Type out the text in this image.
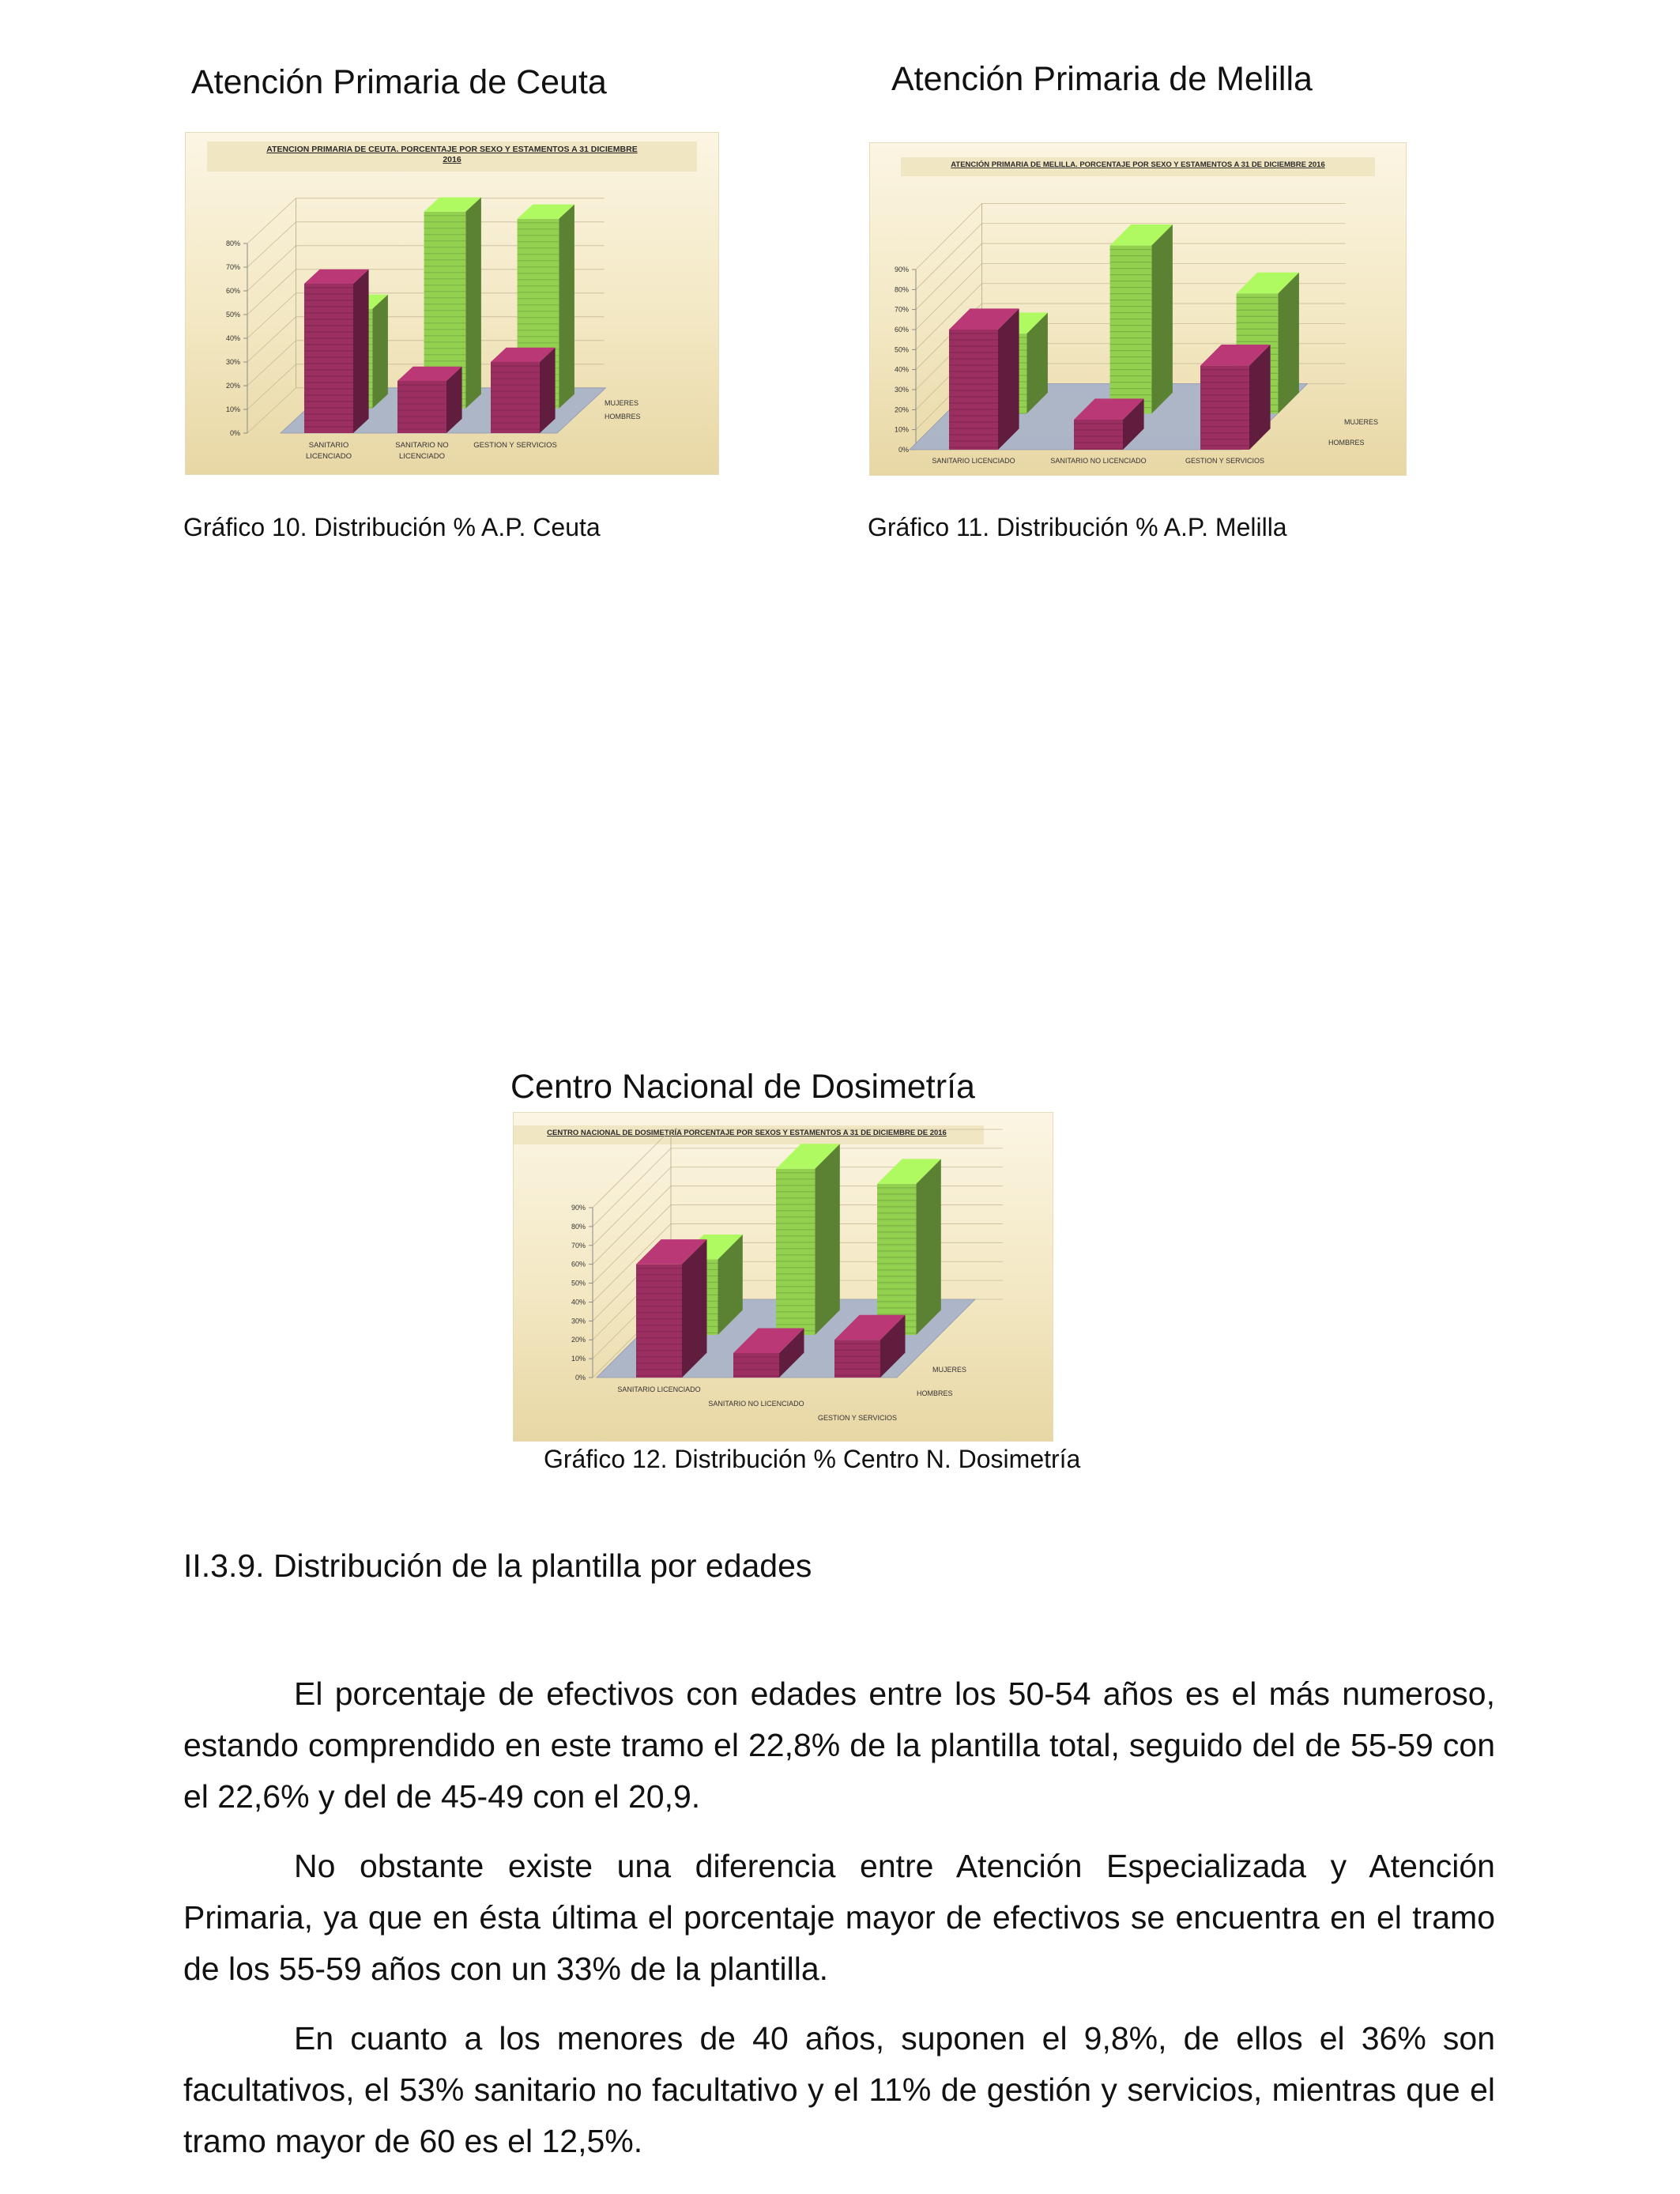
Atención Primaria de Ceuta	Atención Primaria de Melilla
ATENCION PRIMARIA DE CEUTA. PORCENTAJE POR SEXO Y ESTAMENTOS A 31 DICIEMBRE
2016
0%
10%
20%
30%
40%
50%
60%
70%
80%
MUJERES
HOMBRES
SANITARIO
LICENCIADO
SANITARIO NO
LICENCIADO
GESTION Y SERVICIOS
ATENCIÓN PRIMARIA DE MELILLA. PORCENTAJE POR SEXO Y ESTAMENTOS A 31 DE DICIEMBRE 2016
0%
10%
20%
30%
40%
50%
60%
70%
80%
90%
MUJERES
HOMBRES
SANITARIO LICENCIADO	SANITARIO NO LICENCIADO	GESTION Y SERVICIOS
Gráfico 10. Distribución % A.P. Ceuta	Gráfico 11. Distribución % A.P. Melilla
Centro Nacional de Dosimetría
CENTRO NACIONAL DE DOSIMETRÍA PORCENTAJE POR SEXOS Y ESTAMENTOS A 31 DE DICIEMBRE DE 2016
0%
10%
20%
30%
40%
50%
60%
70%
80%
90%
MUJERES
HOMBRES
SANITARIO LICENCIADO
SANITARIO NO LICENCIADO
GESTION Y SERVICIOS
Gráfico 12. Distribución % Centro N. Dosimetría
II.3.9. Distribución de la plantilla por edades
El porcentaje de efectivos con edades entre los 50-54 años es el más numeroso, estando comprendido en este tramo el 22,8% de la plantilla total, seguido del de 55-59 con el 22,6% y del de 45-49 con el 20,9.
No obstante existe una diferencia entre Atención Especializada y Atención Primaria, ya que en ésta última el porcentaje mayor de efectivos se encuentra en el tramo de los 55-59 años con un 33% de la plantilla.
En cuanto a los menores de 40 años, suponen el 9,8%, de ellos el 36% son facultativos, el 53% sanitario no facultativo y el 11% de gestión y servicios, mientras que el tramo mayor de 60 es el 12,5%.
